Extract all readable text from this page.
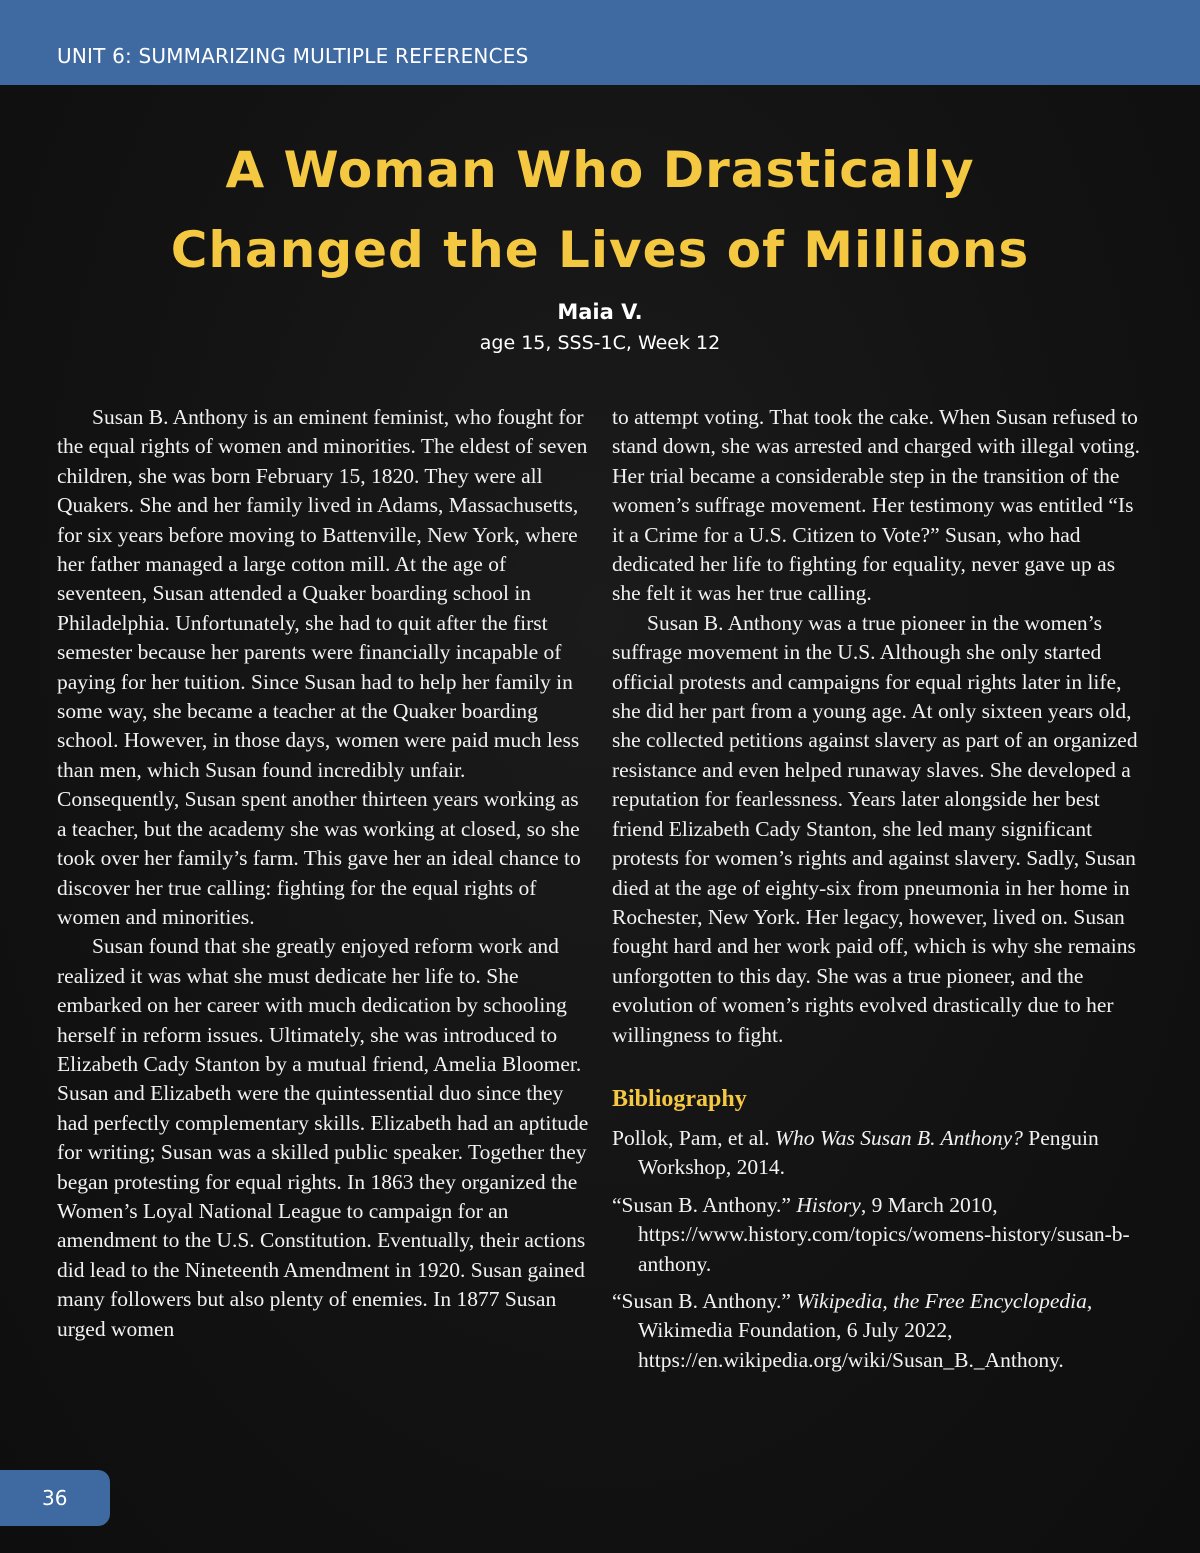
UNIT 6: SUMMARIZING MULTIPLE REFERENCES
A Woman Who Drastically
Changed the Lives of Millions
Maia V.
age 15, SSS-1C, Week 12

Susan B. Anthony is an eminent feminist, who fought for the equal rights of women and minorities. The eldest of seven children, she was born February 15, 1820. They were all Quakers. She and her family lived in Adams, Massachusetts, for six years before moving to Battenville, New York, where her father managed a large cotton mill. At the age of seventeen, Susan attended a Quaker boarding school in Philadelphia. Unfortunately, she had to quit after the first semester because her parents were financially incapable of paying for her tuition. Since Susan had to help her family in some way, she became a teacher at the Quaker boarding school. However, in those days, women were paid much less than men, which Susan found incredibly unfair. Consequently, Susan spent another thirteen years working as a teacher, but the academy she was working at closed, so she took over her family’s farm. This gave her an ideal chance to discover her true calling: fighting for the equal rights of women and minorities.

Susan found that she greatly enjoyed reform work and realized it was what she must dedicate her life to. She embarked on her career with much dedication by schooling herself in reform issues. Ultimately, she was introduced to Elizabeth Cady Stanton by a mutual friend, Amelia Bloomer. Susan and Elizabeth were the quintessential duo since they had perfectly complementary skills. Elizabeth had an aptitude for writing; Susan was a skilled public speaker. Together they began protesting for equal rights. In 1863 they organized the Women’s Loyal National League to campaign for an amendment to the U.S. Constitution. Eventually, their actions did lead to the Nineteenth Amendment in 1920. Susan gained many followers but also plenty of enemies. In 1877 Susan urged women

to attempt voting. That took the cake. When Susan refused to stand down, she was arrested and charged with illegal voting. Her trial became a considerable step in the transition of the women’s suffrage movement. Her testimony was entitled “Is it a Crime for a U.S. Citizen to Vote?” Susan, who had dedicated her life to fighting for equality, never gave up as she felt it was her true calling.

Susan B. Anthony was a true pioneer in the women’s suffrage movement in the U.S. Although she only started official protests and campaigns for equal rights later in life, she did her part from a young age. At only sixteen years old, she collected petitions against slavery as part of an organized resistance and even helped runaway slaves. She developed a reputation for fearlessness. Years later alongside her best friend Elizabeth Cady Stanton, she led many significant protests for women’s rights and against slavery. Sadly, Susan died at the age of eighty-six from pneumonia in her home in Rochester, New York. Her legacy, however, lived on. Susan fought hard and her work paid off, which is why she remains unforgotten to this day. She was a true pioneer, and the evolution of women’s rights evolved drastically due to her willingness to fight.

Bibliography
Pollok, Pam, et al. Who Was Susan B. Anthony? Penguin Workshop, 2014.
“Susan B. Anthony.” History, 9 March 2010, https://www.history.com/topics/womens-history/susan-b-anthony.
“Susan B. Anthony.” Wikipedia, the Free Encyclopedia, Wikimedia Foundation, 6 July 2022, https://en.wikipedia.org/wiki/Susan_B._Anthony.
36
